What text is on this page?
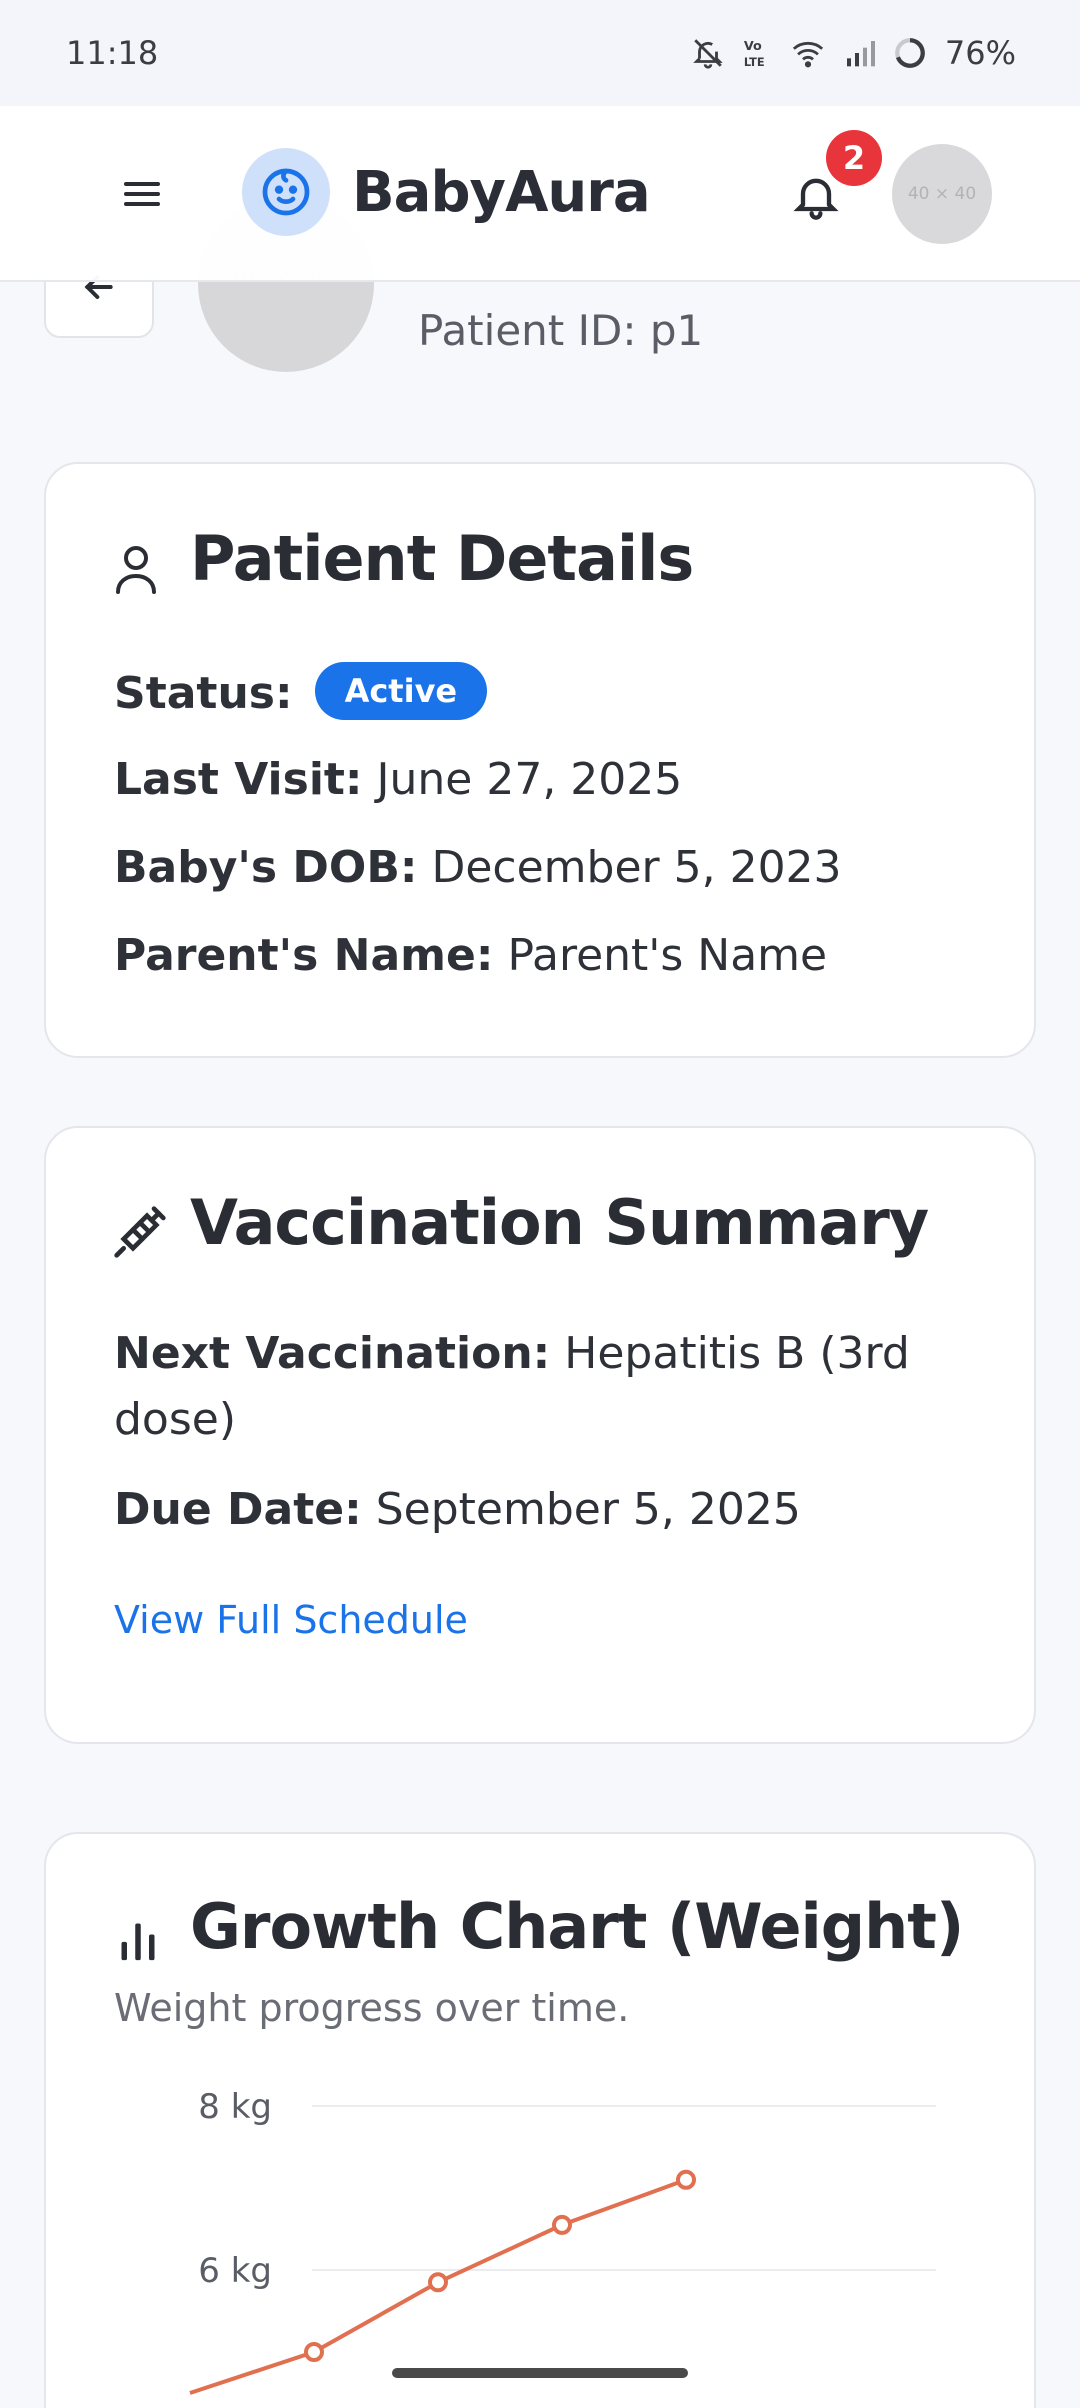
11:18	Vo
LTE	76%
Patient ID: p1
BabyAura
2
40 × 40
Patient Details
Status: Active
Last Visit: June 27, 2025
Baby's DOB: December 5, 2023
Parent's Name: Parent's Name
Vaccination Summary
Next Vaccination: Hepatitis B (3rd
dose)
Due Date: September 5, 2025
View Full Schedule
Growth Chart (Weight)
Weight progress over time.
8 kg
6 kg
